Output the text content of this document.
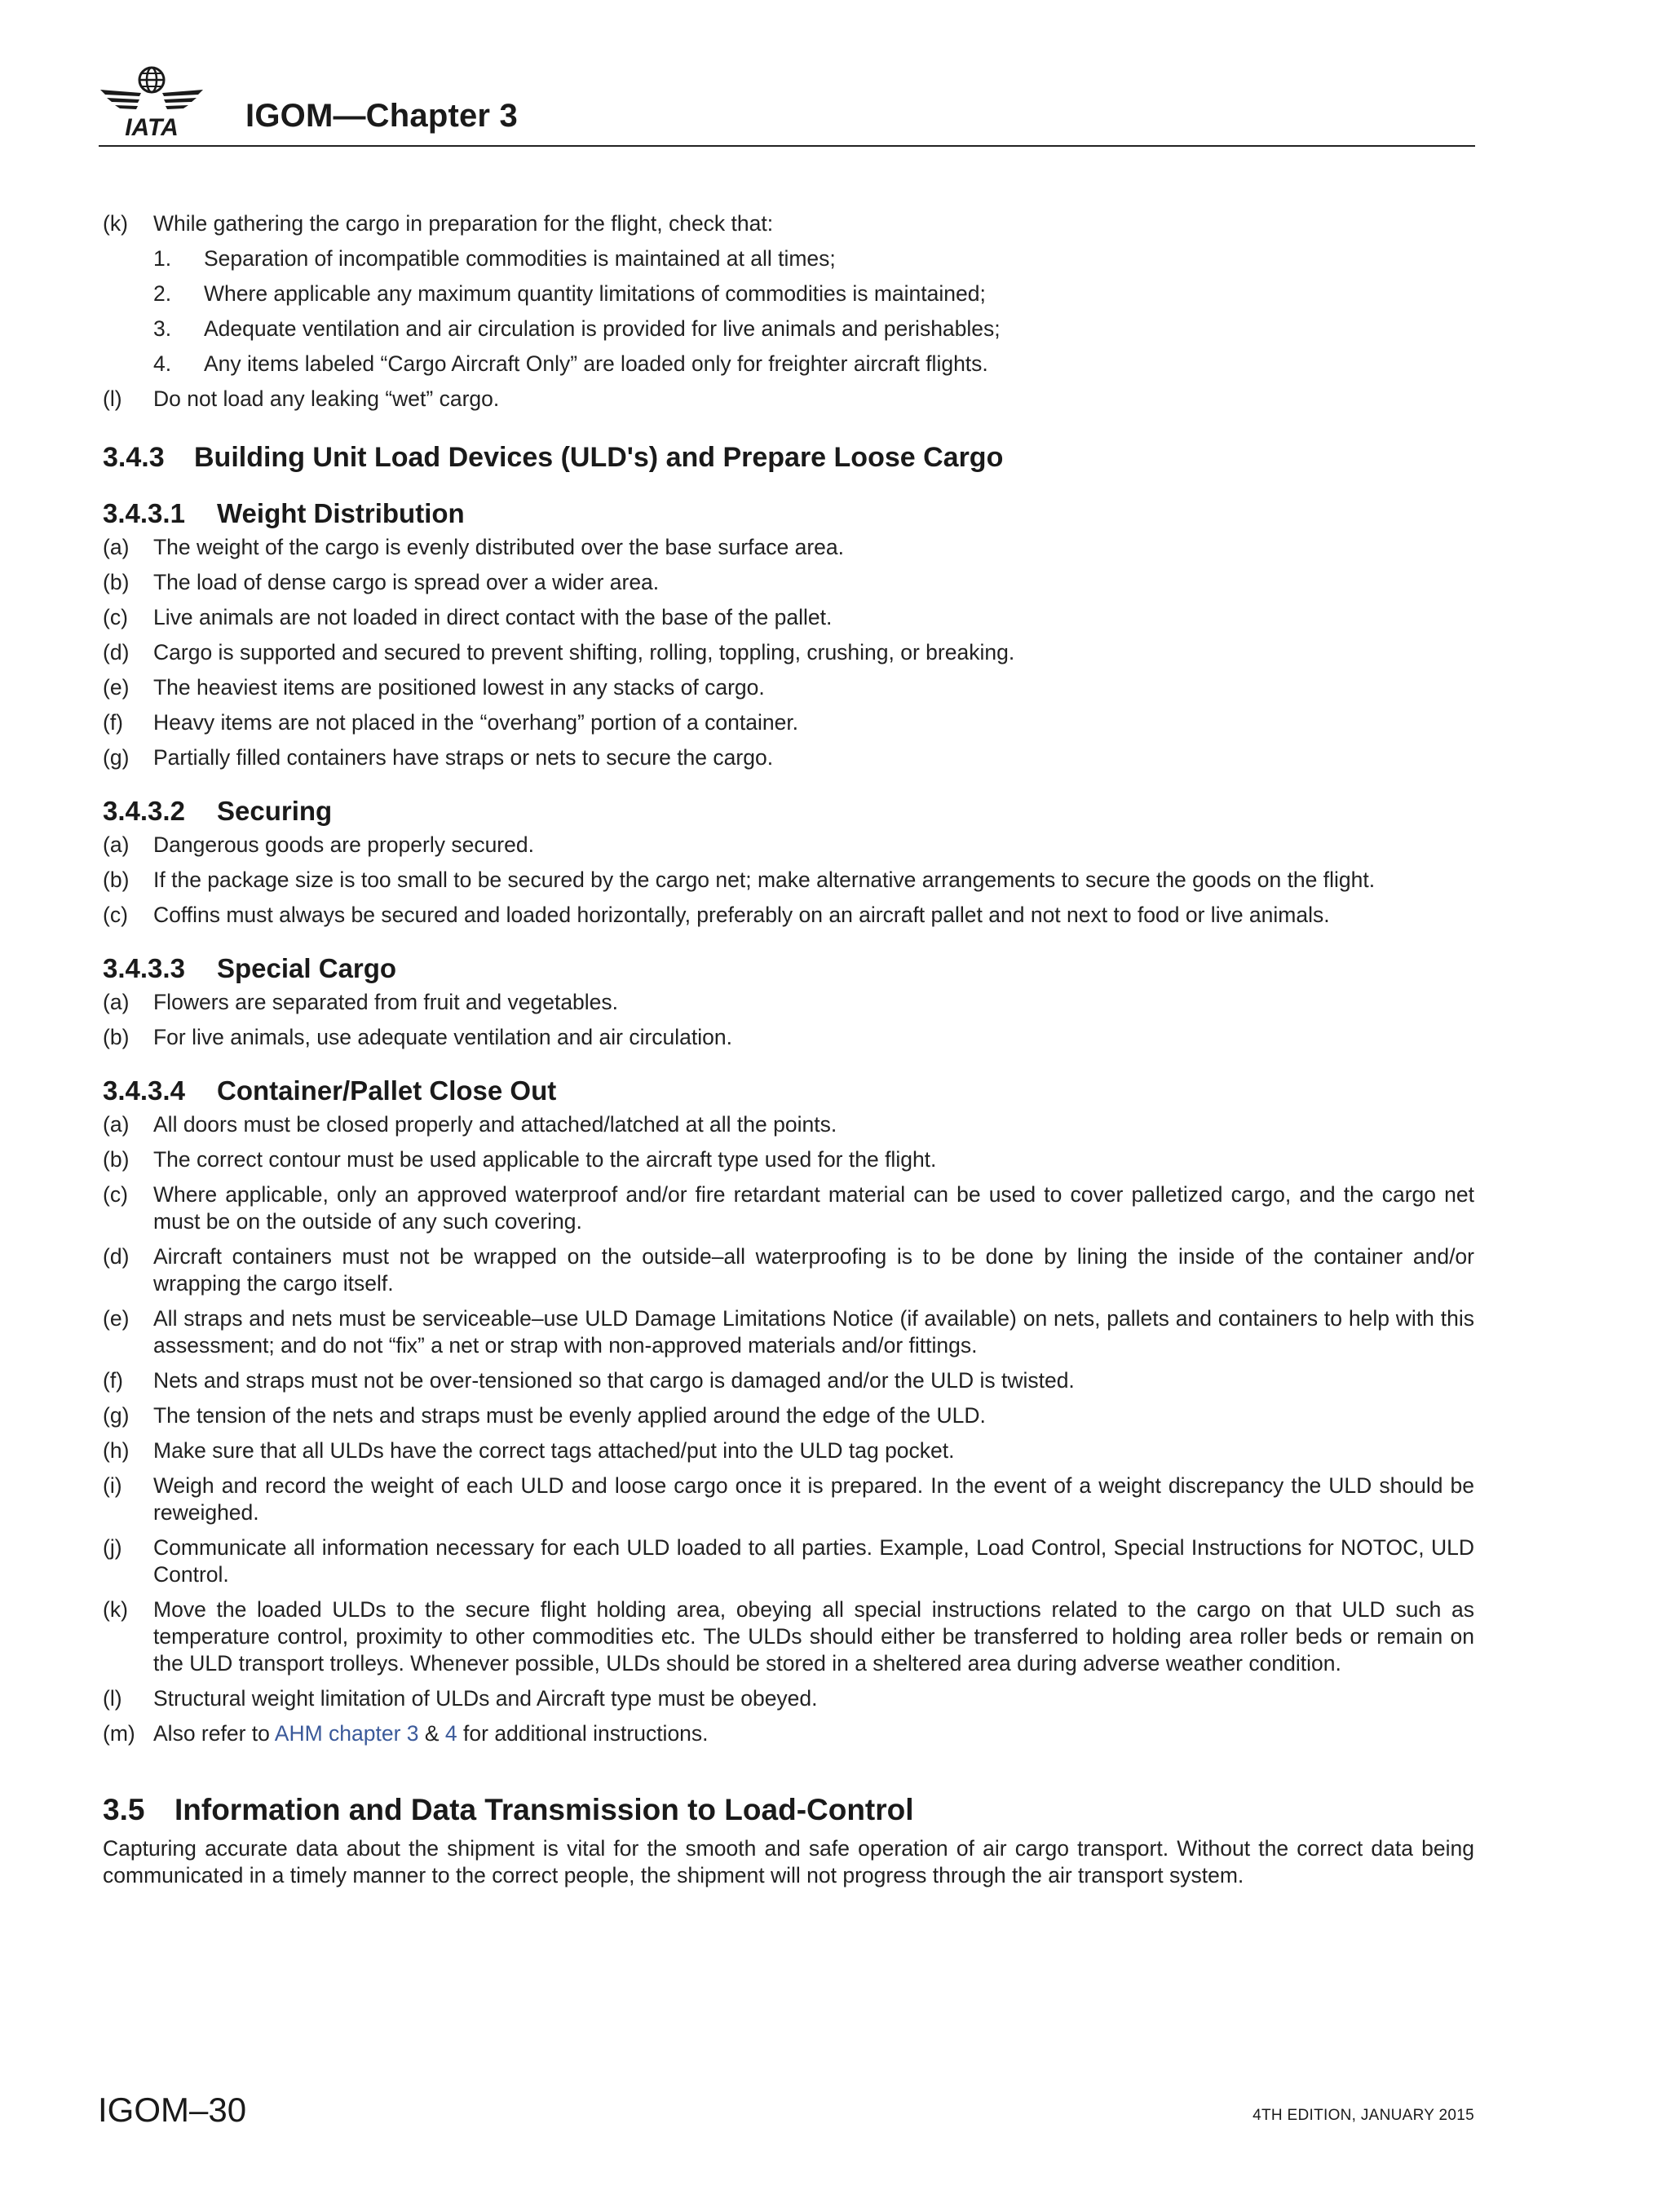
IATA IGOM—Chapter 3
(k) While gathering the cargo in preparation for the flight, check that:
1. Separation of incompatible commodities is maintained at all times;
2. Where applicable any maximum quantity limitations of commodities is maintained;
3. Adequate ventilation and air circulation is provided for live animals and perishables;
4. Any items labeled “Cargo Aircraft Only” are loaded only for freighter aircraft flights.
(l) Do not load any leaking “wet” cargo.
3.4.3 Building Unit Load Devices (ULD's) and Prepare Loose Cargo
3.4.3.1 Weight Distribution
(a) The weight of the cargo is evenly distributed over the base surface area.
(b) The load of dense cargo is spread over a wider area.
(c) Live animals are not loaded in direct contact with the base of the pallet.
(d) Cargo is supported and secured to prevent shifting, rolling, toppling, crushing, or breaking.
(e) The heaviest items are positioned lowest in any stacks of cargo.
(f) Heavy items are not placed in the “overhang” portion of a container.
(g) Partially filled containers have straps or nets to secure the cargo.
3.4.3.2 Securing
(a) Dangerous goods are properly secured.
(b) If the package size is too small to be secured by the cargo net; make alternative arrangements to secure the goods on the flight.
(c) Coffins must always be secured and loaded horizontally, preferably on an aircraft pallet and not next to food or live animals.
3.4.3.3 Special Cargo
(a) Flowers are separated from fruit and vegetables.
(b) For live animals, use adequate ventilation and air circulation.
3.4.3.4 Container/Pallet Close Out
(a) All doors must be closed properly and attached/latched at all the points.
(b) The correct contour must be used applicable to the aircraft type used for the flight.
(c) Where applicable, only an approved waterproof and/or fire retardant material can be used to cover palletized cargo, and the cargo net must be on the outside of any such covering.
(d) Aircraft containers must not be wrapped on the outside–all waterproofing is to be done by lining the inside of the container and/or wrapping the cargo itself.
(e) All straps and nets must be serviceable–use ULD Damage Limitations Notice (if available) on nets, pallets and containers to help with this assessment; and do not “fix” a net or strap with non-approved materials and/or fittings.
(f) Nets and straps must not be over-tensioned so that cargo is damaged and/or the ULD is twisted.
(g) The tension of the nets and straps must be evenly applied around the edge of the ULD.
(h) Make sure that all ULDs have the correct tags attached/put into the ULD tag pocket.
(i) Weigh and record the weight of each ULD and loose cargo once it is prepared. In the event of a weight discrepancy the ULD should be reweighed.
(j) Communicate all information necessary for each ULD loaded to all parties. Example, Load Control, Special Instructions for NOTOC, ULD Control.
(k) Move the loaded ULDs to the secure flight holding area, obeying all special instructions related to the cargo on that ULD such as temperature control, proximity to other commodities etc. The ULDs should either be transferred to holding area roller beds or remain on the ULD transport trolleys. Whenever possible, ULDs should be stored in a sheltered area during adverse weather condition.
(l) Structural weight limitation of ULDs and Aircraft type must be obeyed.
(m) Also refer to AHM chapter 3 & 4 for additional instructions.
3.5 Information and Data Transmission to Load-Control
Capturing accurate data about the shipment is vital for the smooth and safe operation of air cargo transport. Without the correct data being communicated in a timely manner to the correct people, the shipment will not progress through the air transport system.
IGOM–30	4TH EDITION, JANUARY 2015
